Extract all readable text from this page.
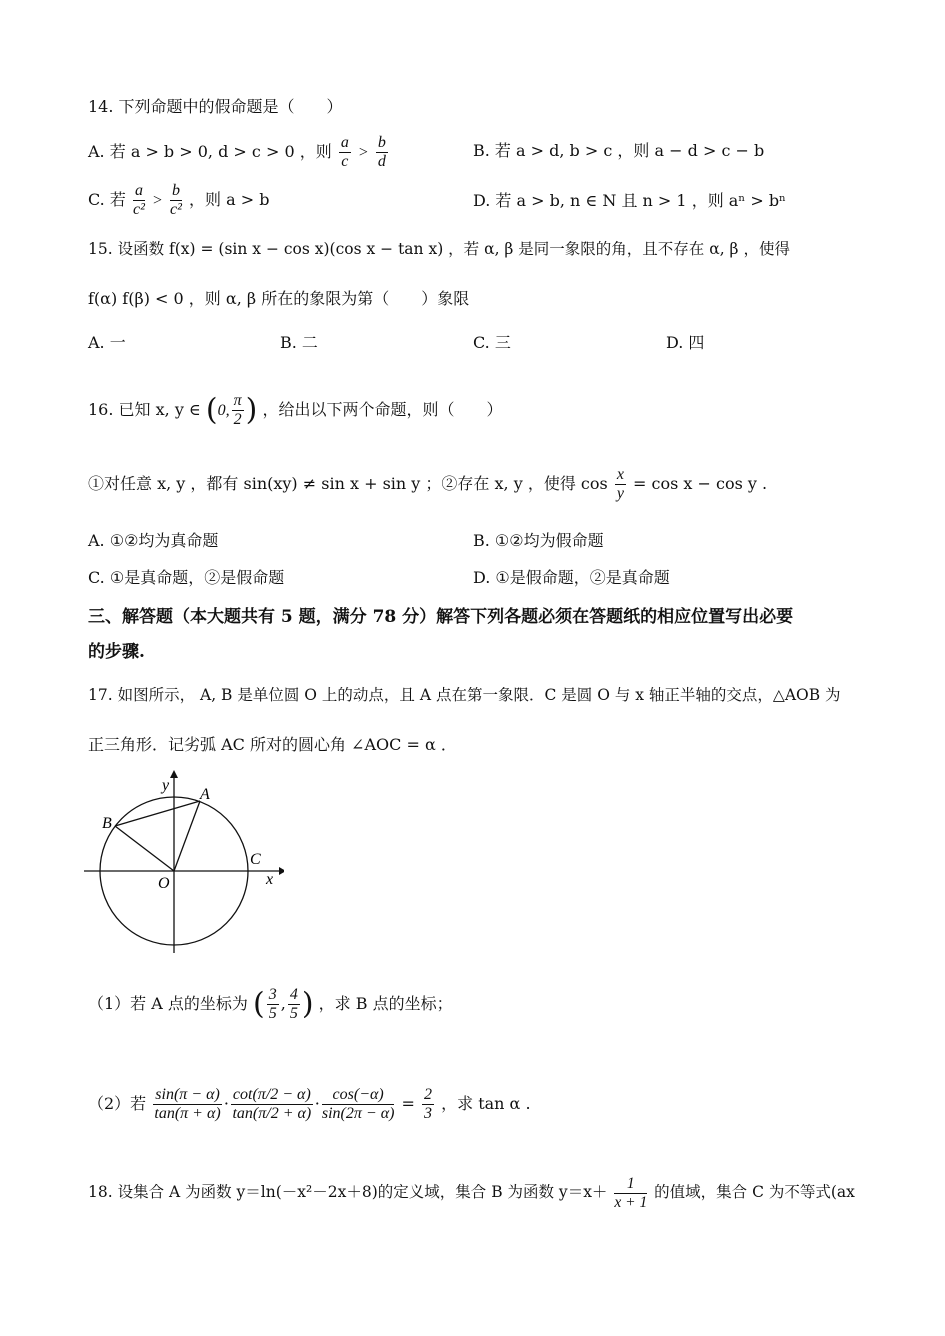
14. 下列命题中的假命题是（　　）
A. 若 a > b > 0, d > c > 0 ，则 $\frac{a}{c} > \frac{b}{d}$	B. 若 a > d, b > c ，则 a − d > c − b
C. 若 $\frac{a}{\text{c²}} > \frac{b}{\text{c²}}$ ，则 a > b	D. 若 a > b, n ∈ N 且 n > 1 ，则 aⁿ > bⁿ
15. 设函数 f(x) = (sin x − cos x)(cos x − tan x) ，若 α, β 是同一象限的角，且不存在 α, β ，使得
f(α) f(β) < 0 ，则 α, β 所在的象限为第（　　）象限
A. 一	B. 二	C. 三	D. 四
16. 已知 x, y ∈ (0, $\frac{\pi}{2}$ ) ，给出以下两个命题，则（　　）
①对任意 x, y ，都有 sin(xy) ≠ sin x + sin y ；②存在 x, y ，使得 $\cos \frac{x}{y} = \cos x - \cos y$ .
A. ①②均为真命题	B. ①②均为假命题
C. ①是真命题，②是假命题	D. ①是假命题，②是真命题
三、解答题（本大题共有 5 题，满分 78 分）解答下列各题必须在答题纸的相应位置写出必要
的步骤.
17. 如图所示， A, B 是单位圆 O 上的动点，且 A 点在第一象限．C 是圆 O 与 x 轴正半轴的交点，△AOB 为
正三角形．记劣弧 AC 所对的圆心角 ∠AOC = α ．
y
A
B
C
O	x
（1）若 A 点的坐标为 ( $\frac{3}{5}$ , $\frac{4}{5}$ ) ，求 B 点的坐标；
（2）若 $\frac{\sin(\pi - \alpha)}{\tan(\pi + \alpha)} \cdot \frac{\cot(\pi/2 - \alpha)}{\tan(\pi/2 + \alpha)} \cdot \frac{\cos(-\alpha)}{\sin(2\pi - \alpha)} = \frac{2}{3}$ ，求 tan α .
18. 设集合 A 为函数 y＝ln(－x²－2x＋8)的定义域，集合 B 为函数 $y=x+ \frac{1}{x + 1}$ 的值域，集合 C 为不等式(ax
